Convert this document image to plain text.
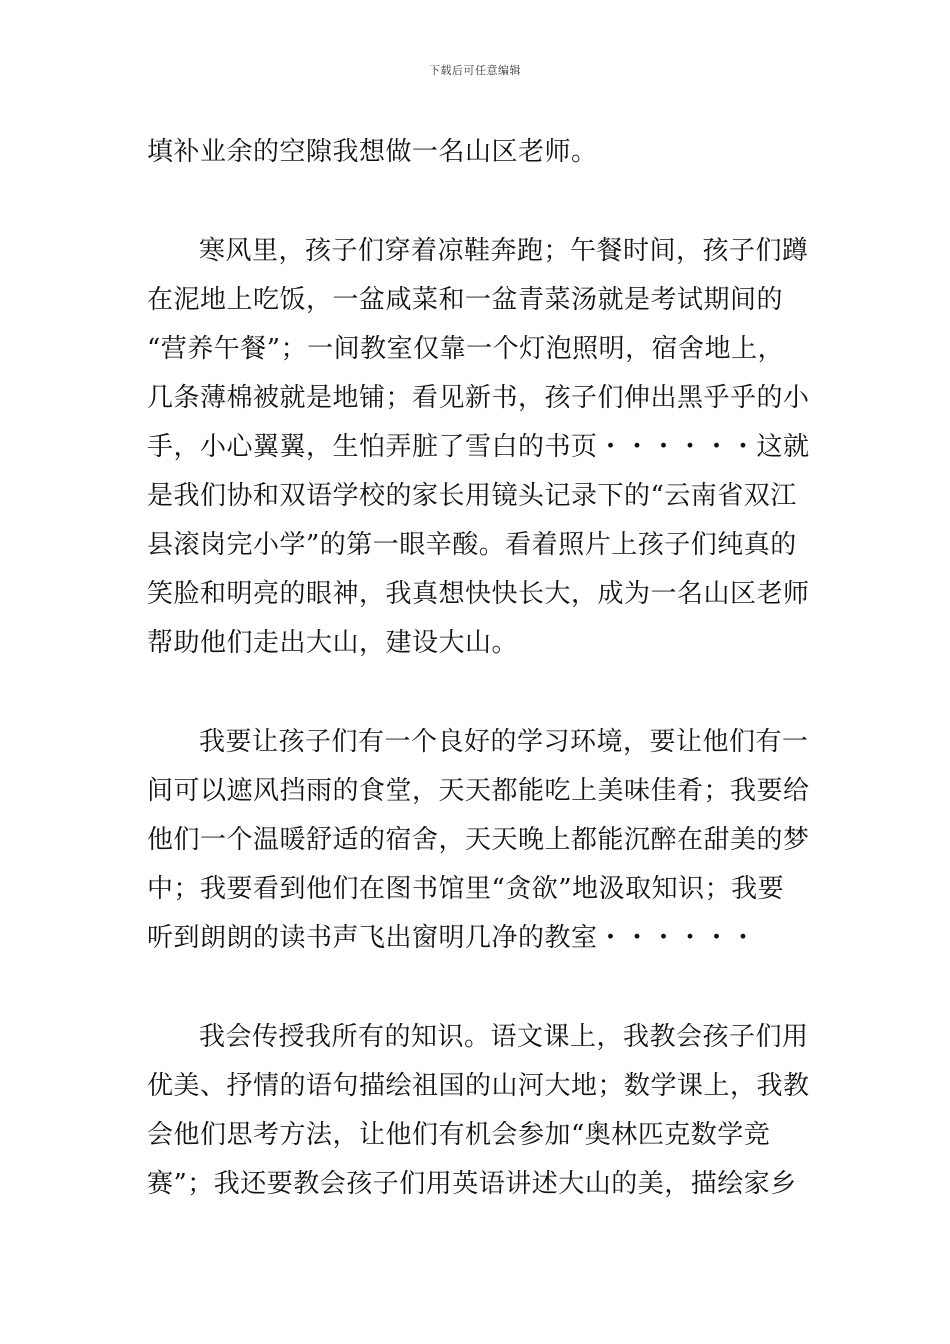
下载后可任意编辑
填补业余的空隙我想做一名山区老师。
寒风里，孩子们穿着凉鞋奔跑；午餐时间，孩子们蹲
在泥地上吃饭，一盆咸菜和一盆青菜汤就是考试期间的
“营养午餐”；一间教室仅靠一个灯泡照明，宿舍地上，
几条薄棉被就是地铺；看见新书，孩子们伸出黑乎乎的小
手，小心翼翼，生怕弄脏了雪白的书页・・・・・・这就
是我们协和双语学校的家长用镜头记录下的“云南省双江
县滚岗完小学”的第一眼辛酸。看着照片上孩子们纯真的
笑脸和明亮的眼神，我真想快快长大，成为一名山区老师
帮助他们走出大山，建设大山。
我要让孩子们有一个良好的学习环境，要让他们有一
间可以遮风挡雨的食堂，天天都能吃上美味佳肴；我要给
他们一个温暖舒适的宿舍，天天晚上都能沉醉在甜美的梦
中；我要看到他们在图书馆里“贪欲”地汲取知识；我要
听到朗朗的读书声飞出窗明几净的教室・・・・・・
我会传授我所有的知识。语文课上，我教会孩子们用
优美、抒情的语句描绘祖国的山河大地；数学课上，我教
会他们思考方法，让他们有机会参加“奥林匹克数学竞
赛”；我还要教会孩子们用英语讲述大山的美，描绘家乡
